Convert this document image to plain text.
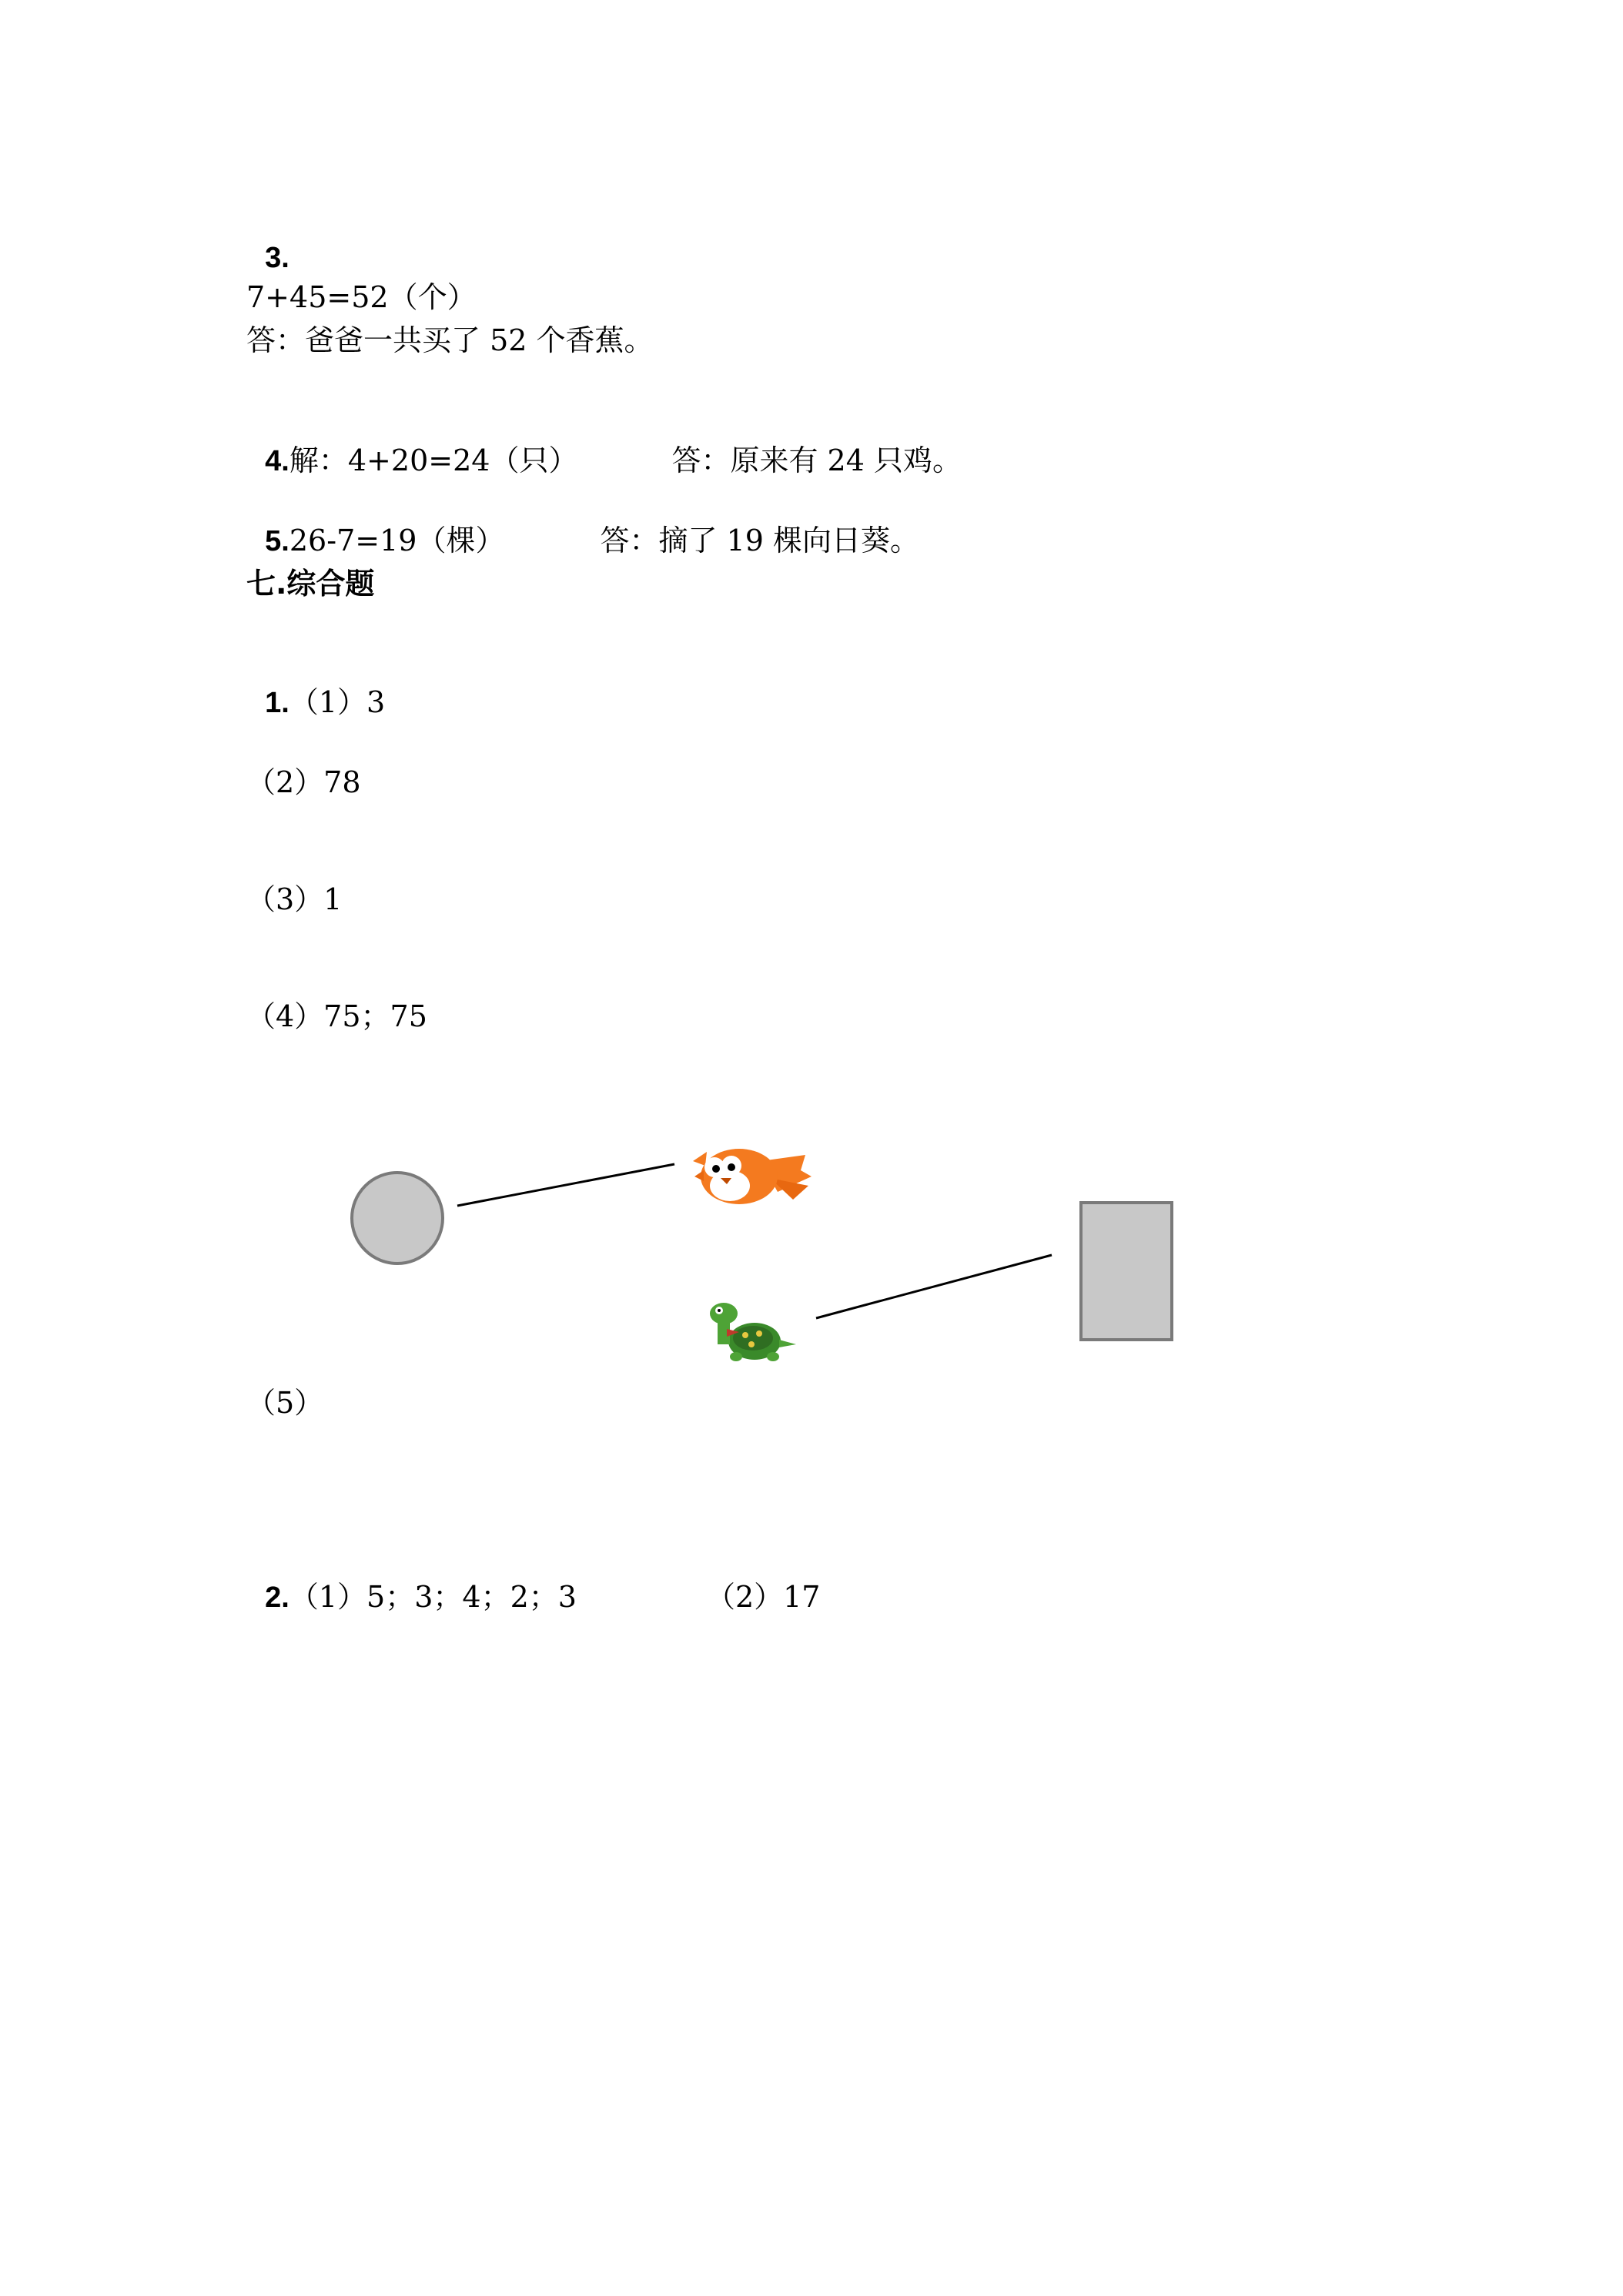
3.

7+45=52（个）
答：爸爸一共买了 52 个香蕉。

4.解：4+20=24（只）	答：原来有 24 只鸡。

5.26-7=19（棵）	答：摘了 19 棵向日葵。

七.综合题

1.（1）3

（2）78
（3）1
（4）75；75
（5）

2.（1）5；3；4；2；3	（2）17
